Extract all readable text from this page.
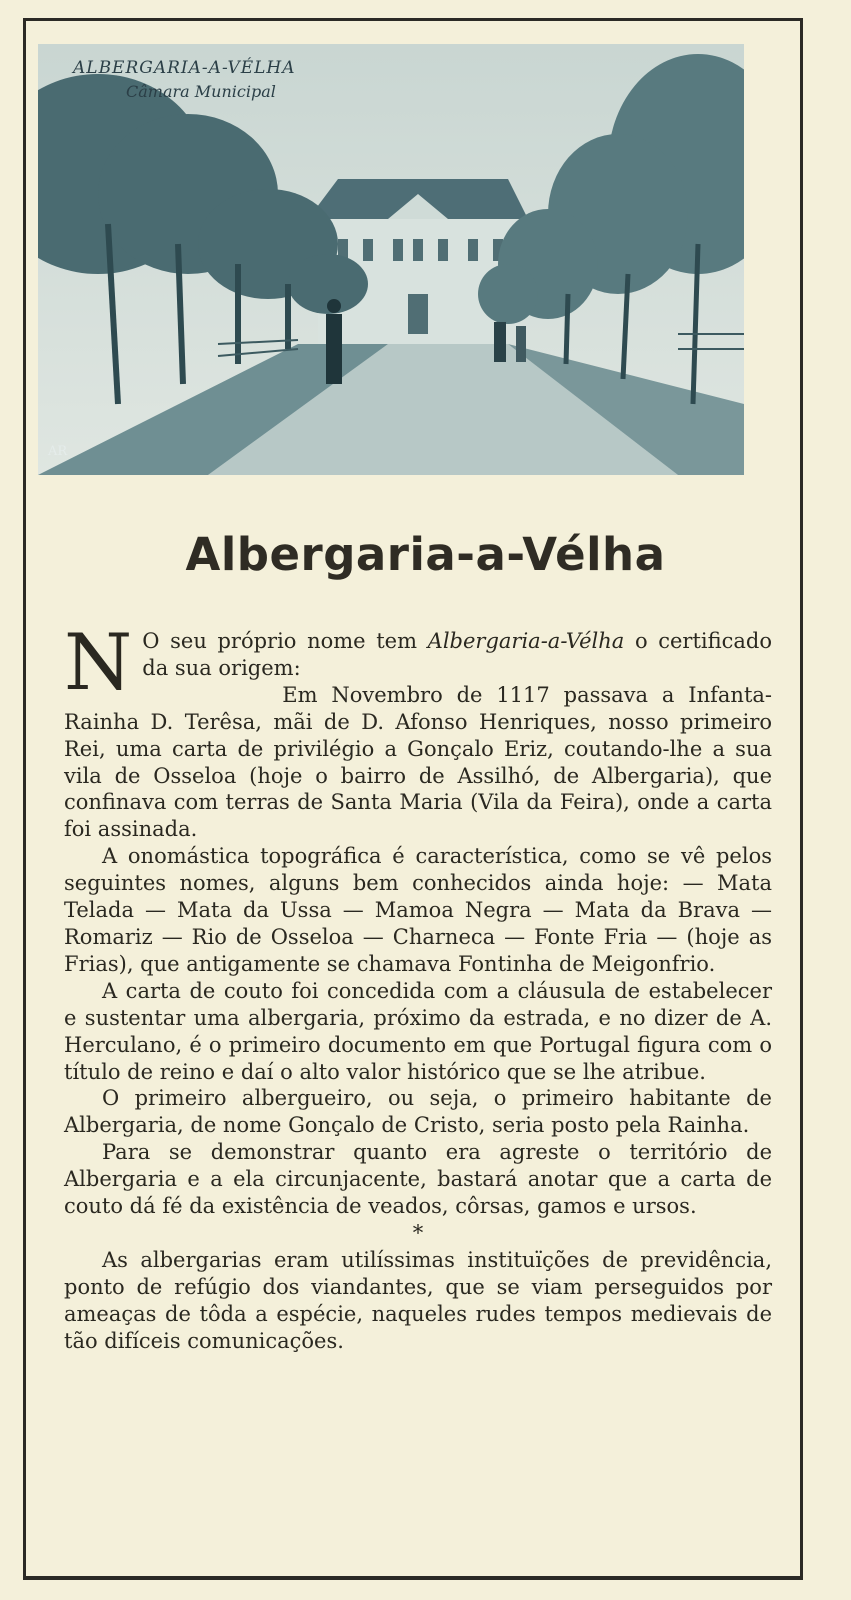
ALBERGARIA-A-VÉLHA
Câmara Municipal
AR
Albergaria-a-Vélha

N O seu próprio nome tem Albergaria-a-Vélha o certificado da sua origem:

Em Novembro de 1117 passava a Infanta-Rainha D. Terêsa, mãi de D. Afonso Henriques, nosso primeiro Rei, uma carta de privilégio a Gonçalo Eriz, coutando-lhe a sua vila de Osseloa (hoje o bairro de Assilhó, de Albergaria), que confinava com terras de Santa Maria (Vila da Feira), onde a carta foi assinada.

A onomástica topográfica é característica, como se vê pelos seguintes nomes, alguns bem conhecidos ainda hoje: — Mata Telada — Mata da Ussa — Mamoa Negra — Mata da Brava — Romariz — Rio de Osseloa — Charneca — Fonte Fria — (hoje as Frias), que antigamente se chamava Fontinha de Meigonfrio.

A carta de couto foi concedida com a cláusula de estabelecer e sustentar uma albergaria, próximo da estrada, e no dizer de A. Herculano, é o primeiro documento em que Portugal figura com o título de reino e daí o alto valor histórico que se lhe atribue.

O primeiro albergueiro, ou seja, o primeiro habitante de Albergaria, de nome Gonçalo de Cristo, seria posto pela Rainha.

Para se demonstrar quanto era agreste o território de Albergaria e a ela circunjacente, bastará anotar que a carta de couto dá fé da existência de veados, côrsas, gamos e ursos.

*

As albergarias eram utilíssimas instituïções de previdência, ponto de refúgio dos viandantes, que se viam perseguidos por ameaças de tôda a espécie, naqueles rudes tempos medievais de tão difíceis comunicações.
